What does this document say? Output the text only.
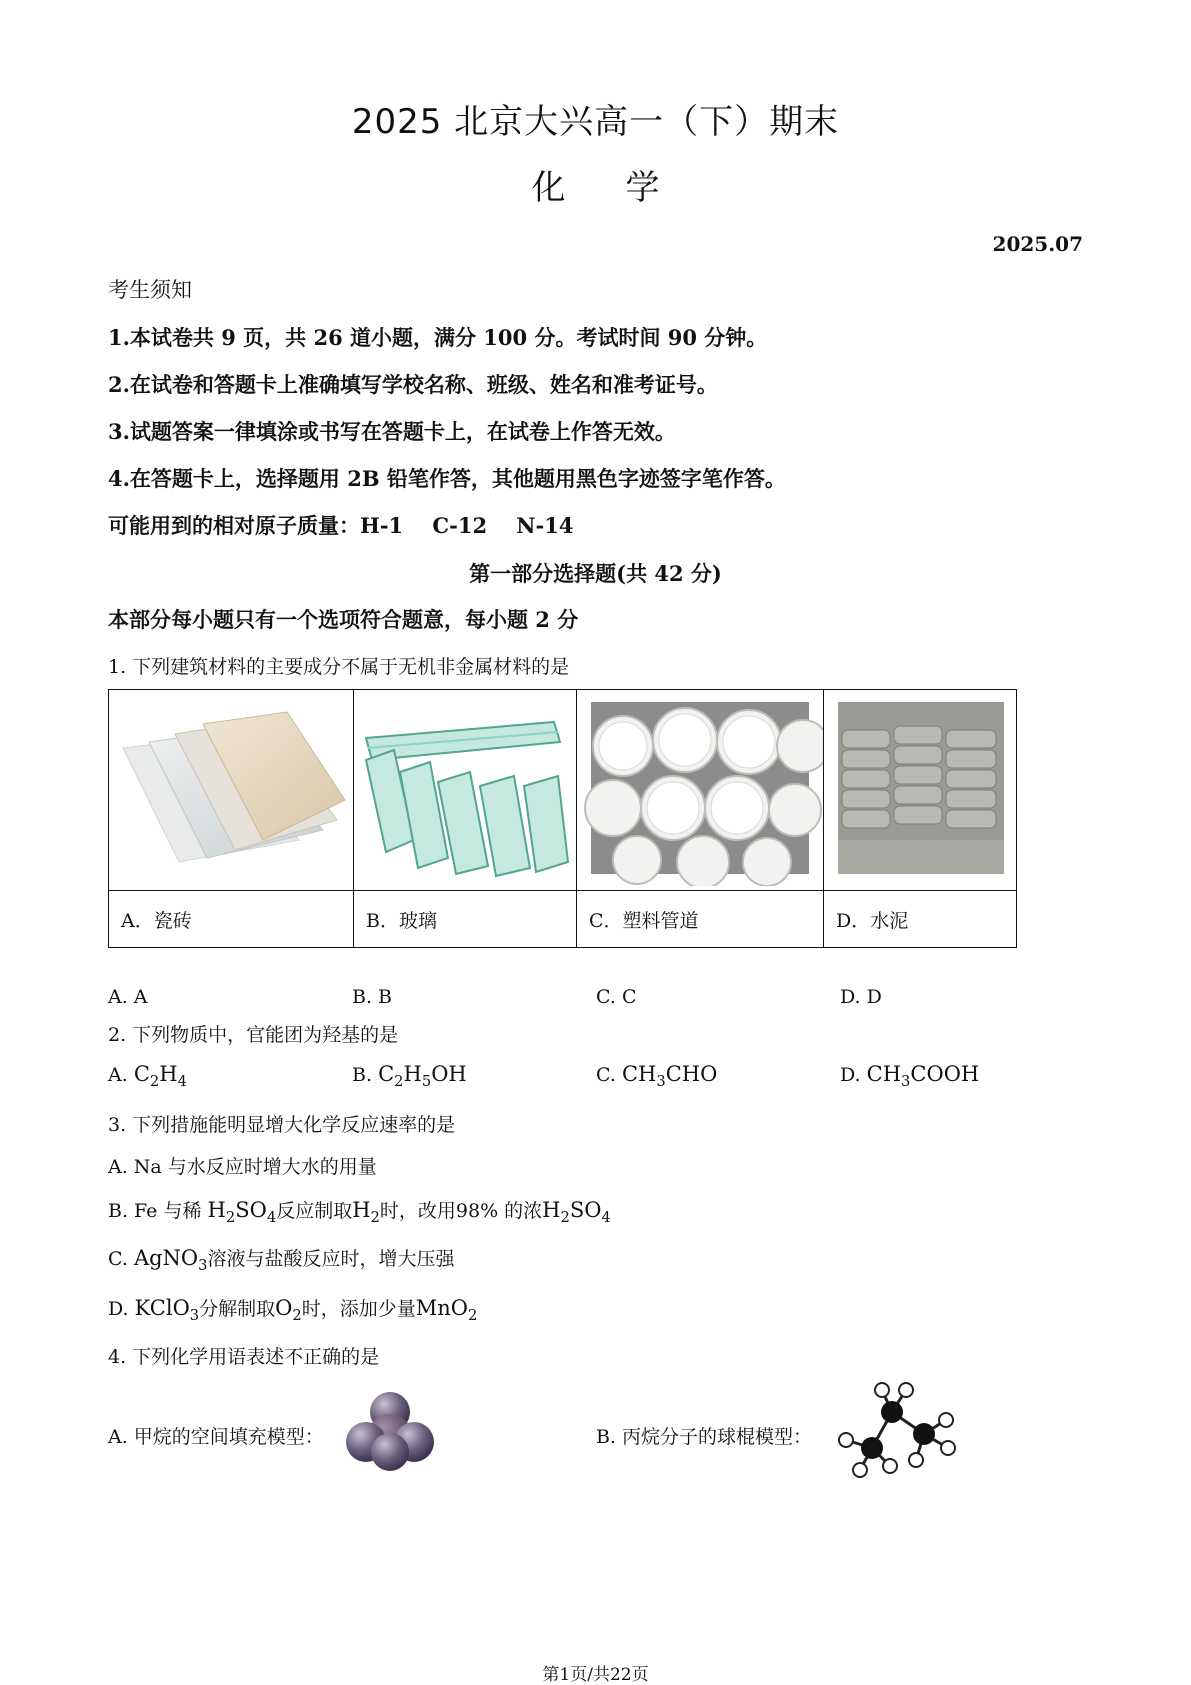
2025 北京大兴高一（下）期末
化 学
2025.07
考生须知
1.本试卷共 9 页，共 26 道小题，满分 100 分。考试时间 90 分钟。
2.在试卷和答题卡上准确填写学校名称、班级、姓名和准考证号。
3.试题答案一律填涂或书写在答题卡上，在试卷上作答无效。
4.在答题卡上，选择题用 2B 铅笔作答，其他题用黑色字迹签字笔作答。
可能用到的相对原子质量：H-1    C-12    N-14
第一部分选择题(共 42 分)
本部分每小题只有一个选项符合题意，每小题 2 分
1. 下列建筑材料的主要成分不属于无机非金属材料的是

A．瓷砖	B．玻璃	C．塑料管道	D．水泥
A. A	B. B	C. C	D. D
2. 下列物质中，官能团为羟基的是
A. $C_2H_4$	B. $C_2H_5OH$	C. $CH_3CHO$	D. $CH_3COOH$
3. 下列措施能明显增大化学反应速率的是
A. Na 与水反应时增大水的用量
B. Fe 与稀 $H_2SO_4$反应制取$H_2$时，改用98% 的浓$H_2SO_4$
C. AgNO$_3$溶液与盐酸反应时，增大压强
D. KClO$_3$分解制取$O_2$时，添加少量MnO$_2$
4. 下列化学用语表述不正确的是
A. 甲烷的空间填充模型：	B. 丙烷分子的球棍模型：
第1页/共22页
